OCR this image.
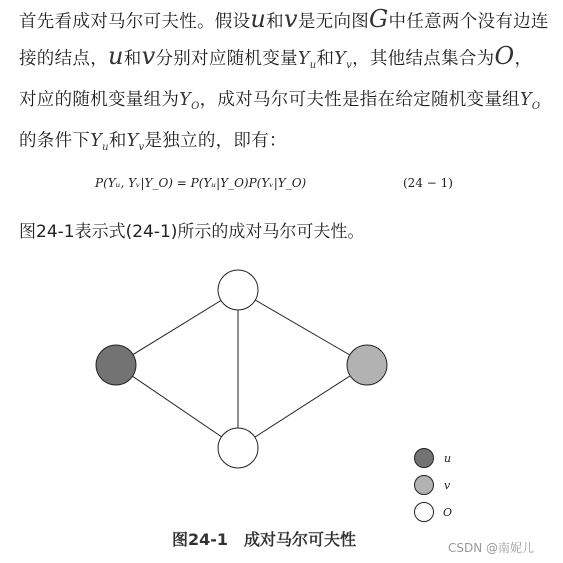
首先看成对马尔可夫性。假设u和v是无向图G中任意两个没有边连接的结点，u和v分别对应随机变量$Y_u$和$Y_v$，其他结点集合为O，对应的随机变量组为$Y_O$，成对马尔可夫性是指在给定随机变量组$Y_O$的条件下$Y_u$和$Y_v$是独立的，即有：
P(Yᵤ, Yᵥ|Y_O) = P(Yᵤ|Y_O)P(Yᵥ|Y_O)	(24 − 1)
图24-1表示式(24-1)所示的成对马尔可夫性。
u
v
O
图24-1　成对马尔可夫性	CSDN @南妮儿
